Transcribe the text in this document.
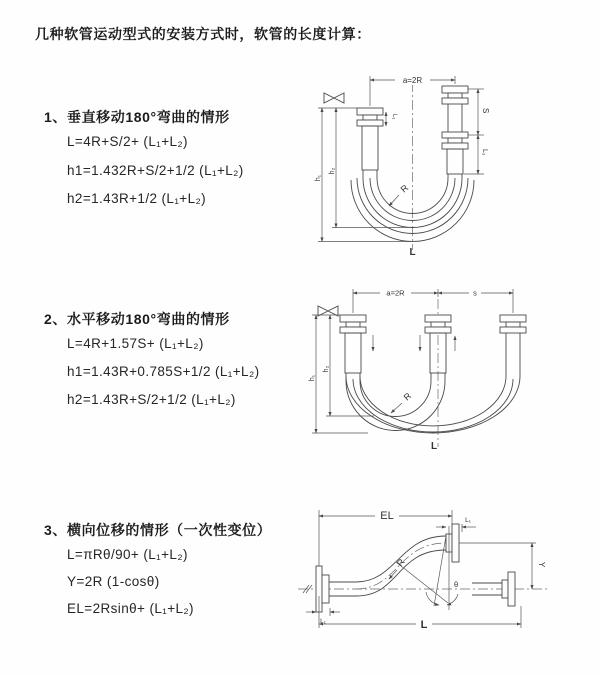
几种软管运动型式的安装方式时，软管的长度计算：
1、垂直移动180°弯曲的情形
L=4R+S/2+ (L₁+L₂)
h1=1.432R+S/2+1/2 (L₁+L₂)
h2=1.43R+1/2 (L₁+L₂)
2、水平移动180°弯曲的情形
L=4R+1.57S+ (L₁+L₂)
h1=1.43R+0.785S+1/2 (L₁+L₂)
h2=1.43R+S/2+1/2 (L₁+L₂)
3、横向位移的情形（一次性变位）
L=πRθ/90+ (L₁+L₂)
Y=2R (1-cosθ)
EL=2Rsinθ+ (L₁+L₂)
a=2R
S
L₁
L₁
h₁
h₂
R
L
a=2R	s
h₁
h₂
R
L
θ
R
EL	L₁
Y
L₁	L
